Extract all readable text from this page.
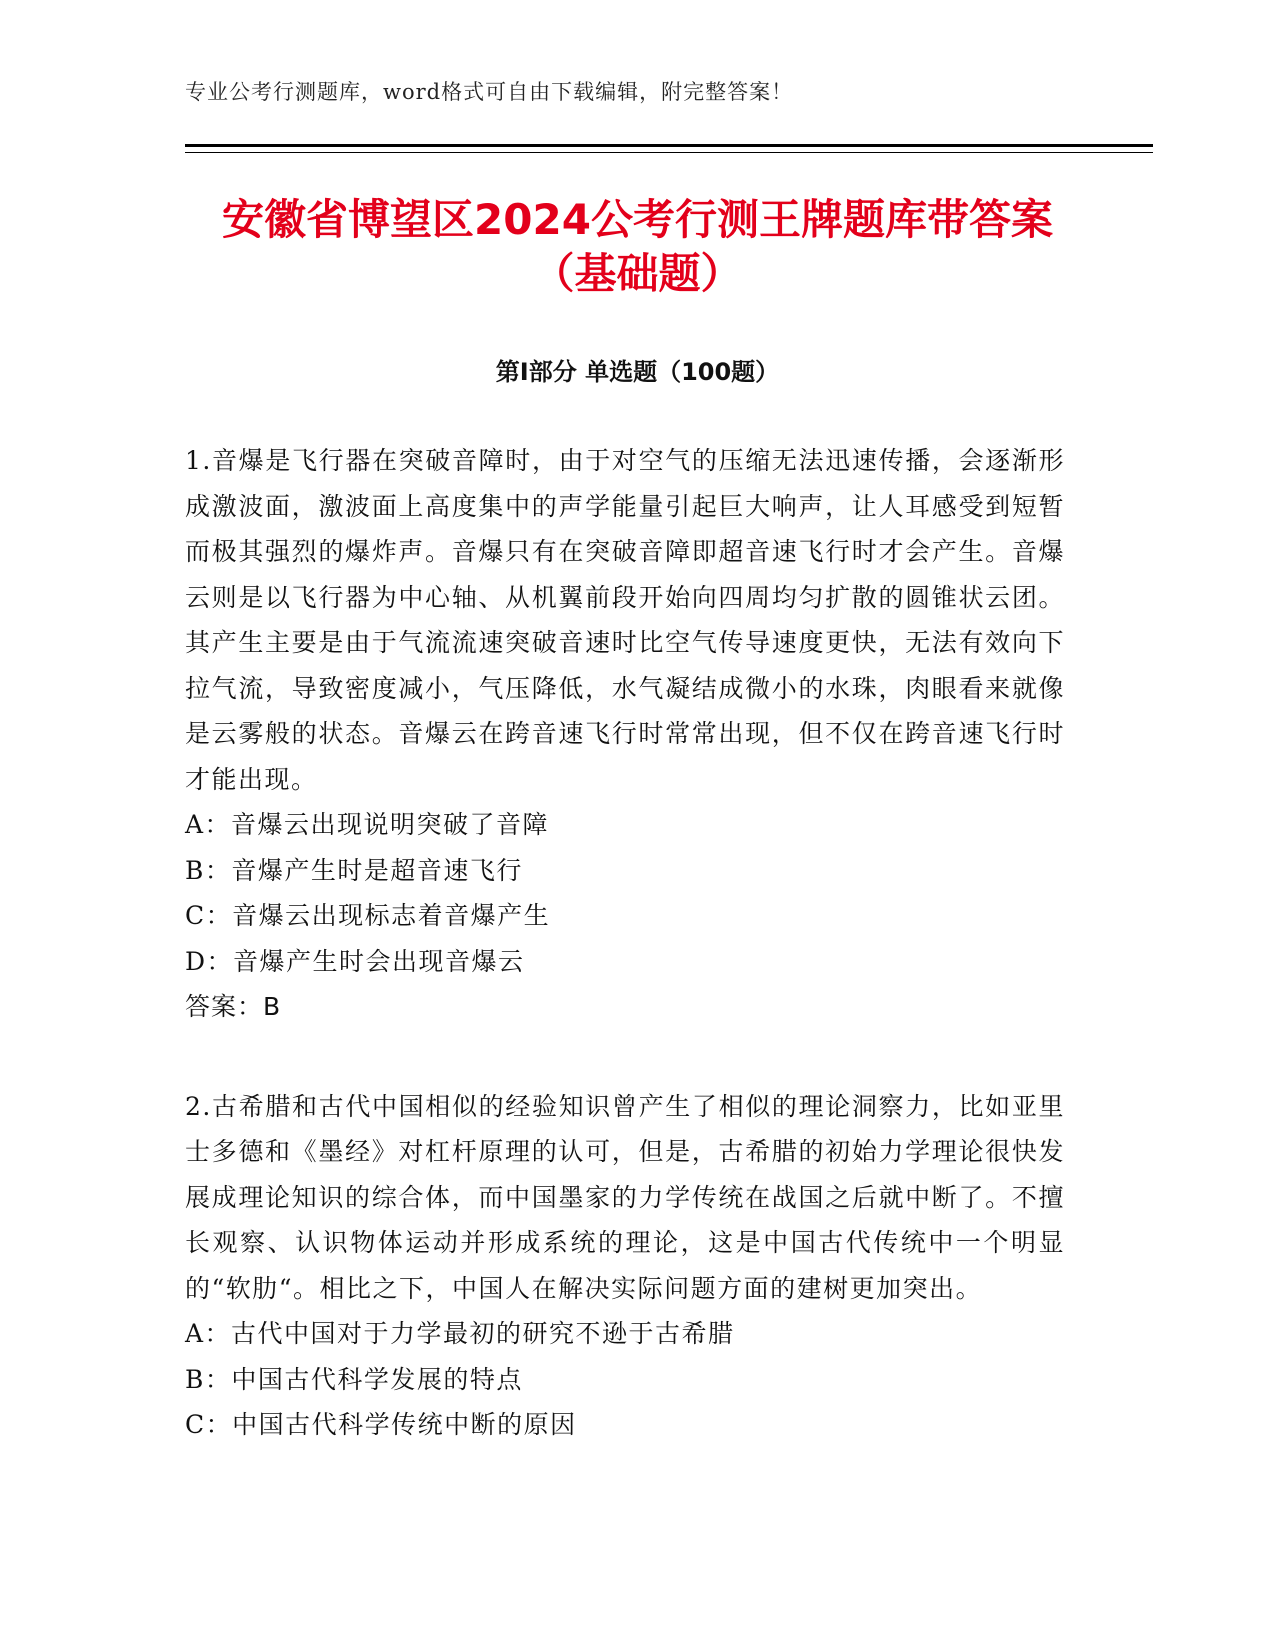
专业公考行测题库，word格式可自由下载编辑，附完整答案！
安徽省博望区2024公考行测王牌题库带答案
（基础题）
第Ⅰ部分 单选题（100题）

1.音爆是飞行器在突破音障时，由于对空气的压缩无法迅速传播，会逐渐形成激波面，激波面上高度集中的声学能量引起巨大响声，让人耳感受到短暂而极其强烈的爆炸声。音爆只有在突破音障即超音速飞行时才会产生。音爆云则是以飞行器为中心轴、从机翼前段开始向四周均匀扩散的圆锥状云团。其产生主要是由于气流流速突破音速时比空气传导速度更快，无法有效向下拉气流，导致密度减小，气压降低，水气凝结成微小的水珠，肉眼看来就像是云雾般的状态。音爆云在跨音速飞行时常常出现，但不仅在跨音速飞行时才能出现。

A：音爆云出现说明突破了音障

B：音爆产生时是超音速飞行

C：音爆云出现标志着音爆产生

D：音爆产生时会出现音爆云

答案：B

2.古希腊和古代中国相似的经验知识曾产生了相似的理论洞察力，比如亚里士多德和《墨经》对杠杆原理的认可，但是，古希腊的初始力学理论很快发展成理论知识的综合体，而中国墨家的力学传统在战国之后就中断了。不擅长观察、认识物体运动并形成系统的理论，这是中国古代传统中一个明显的“软肋“。相比之下，中国人在解决实际问题方面的建树更加突出。

A：古代中国对于力学最初的研究不逊于古希腊

B：中国古代科学发展的特点

C：中国古代科学传统中断的原因
